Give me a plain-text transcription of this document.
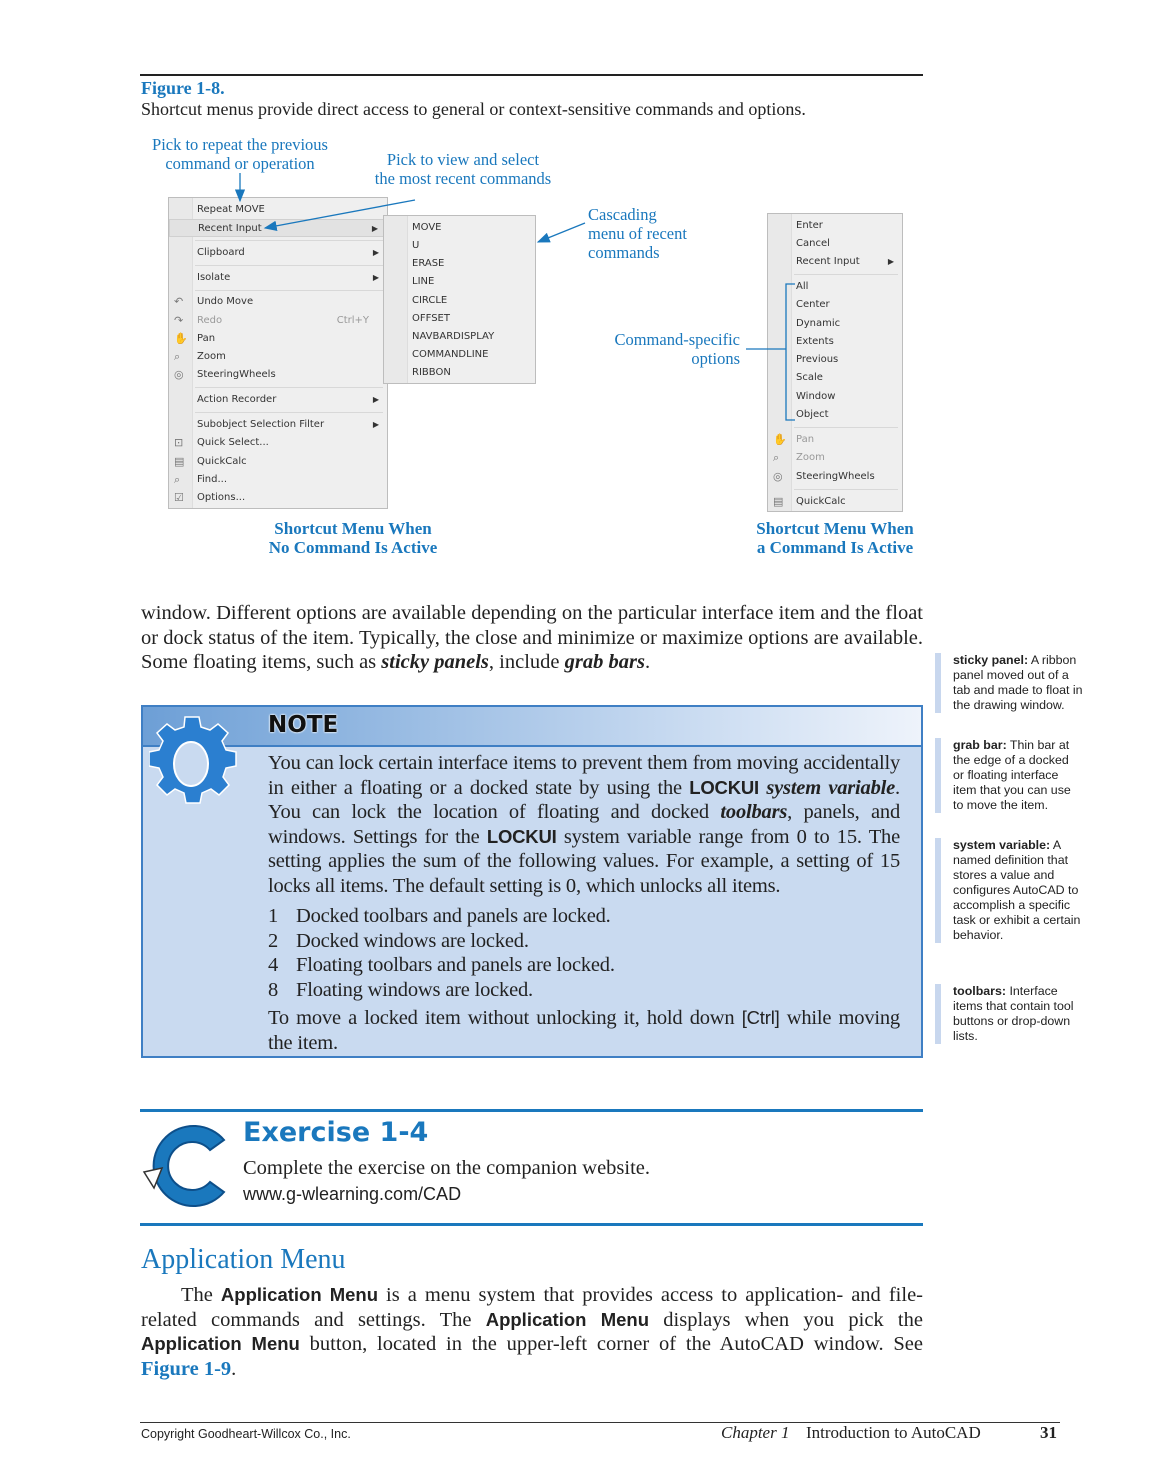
Figure 1-8.
Shortcut menus provide direct access to general or context-sensitive commands and options.
Pick to repeat the previous
command or operation	Pick to view and select
the most recent commands
Cascading
menu of recent
commands
Command-specific
options
Repeat MOVE
Recent Input	▶
Clipboard	▶
Isolate	▶
↶ Undo Move
↷ Redo	Ctrl+Y
✋ Pan
⌕ Zoom
◎ SteeringWheels
Action Recorder	▶
Subobject Selection Filter	▶
⊡ Quick Select...
▤ QuickCalc
⌕ Find...
☑ Options...
MOVE
U
ERASE
LINE
CIRCLE
OFFSET
NAVBARDISPLAY
COMMANDLINE
RIBBON
Enter
Cancel
Recent Input	▶
All
Center
Dynamic
Extents
Previous
Scale
Window
Object
✋ Pan
⌕ Zoom
◎ SteeringWheels
▤ QuickCalc
Shortcut Menu When
No Command Is Active
Shortcut Menu When
a Command Is Active
window. Different options are available depending on the particular interface item and the float or dock status of the item. Typically, the close and minimize or maximize options are available. Some floating items, such as sticky panels, include grab bars.
NOTE
You can lock certain interface items to prevent them from moving accidentally in either a floating or a docked state by using the LOCKUI system variable. You can lock the location of floating and docked toolbars, panels, and windows. Settings for the LOCKUI system variable range from 0 to 15. The setting applies the sum of the following values. For example, a setting of 15 locks all items. The default setting is 0, which unlocks all items.
1 Docked toolbars and panels are locked.
2 Docked windows are locked.
4 Floating toolbars and panels are locked.
8 Floating windows are locked.
To move a locked item without unlocking it, hold down [Ctrl] while moving the item.
sticky panel: A ribbon panel moved out of a tab and made to float in the drawing window.
grab bar: Thin bar at the edge of a docked or floating interface item that you can use to move the item.
system variable: A named definition that stores a value and configures AutoCAD to accomplish a specific task or exhibit a certain behavior.
toolbars: Interface items that contain tool buttons or drop-down lists.
Exercise 1-4
Complete the exercise on the companion website.
www.g-wlearning.com/CAD
Application Menu
The Application Menu is a menu system that provides access to application- and file-related commands and settings. The Application Menu displays when you pick the Application Menu button, located in the upper-left corner of the AutoCAD window. See Figure 1-9.
Copyright Goodheart-Willcox Co., Inc.	Chapter 1 Introduction to AutoCAD	31
